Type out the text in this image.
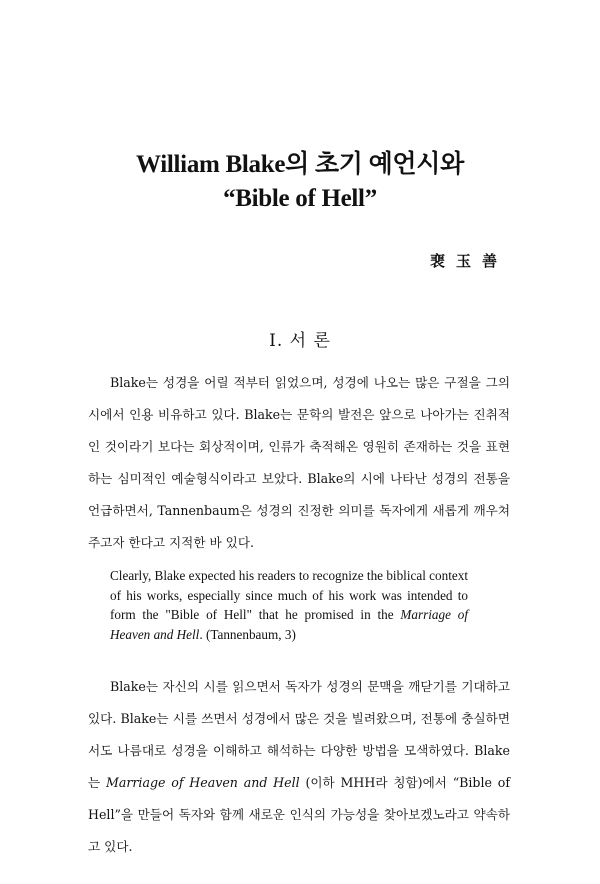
William Blake의 초기 예언시와
“Bible of Hell”
裵玉善
I. 서 론

Blake는 성경을 어릴 적부터 읽었으며, 성경에 나오는 많은 구절을 그의 시에서 인용 비유하고 있다. Blake는 문학의 발전은 앞으로 나아가는 진취적인 것이라기 보다는 회상적이며, 인류가 축적해온 영원히 존재하는 것을 표현하는 심미적인 예술형식이라고 보았다. Blake의 시에 나타난 성경의 전통을 언급하면서, Tannenbaum은 성경의 진정한 의미를 독자에게 새롭게 깨우쳐 주고자 한다고 지적한 바 있다.

Clearly, Blake expected his readers to recognize the biblical context of his works, especially since much of his work was intended to form the "Bible of Hell" that he promised in the Marriage of Heaven and Hell. (Tannenbaum, 3)

Blake는 자신의 시를 읽으면서 독자가 성경의 문맥을 깨닫기를 기대하고 있다. Blake는 시를 쓰면서 성경에서 많은 것을 빌려왔으며, 전통에 충실하면서도 나름대로 성경을 이해하고 해석하는 다양한 방법을 모색하였다. Blake는 Marriage of Heaven and Hell (이하 MHH라 칭함)에서 “Bible of Hell”을 만들어 독자와 함께 새로운 인식의 가능성을 찾아보겠노라고 약속하고 있다.
